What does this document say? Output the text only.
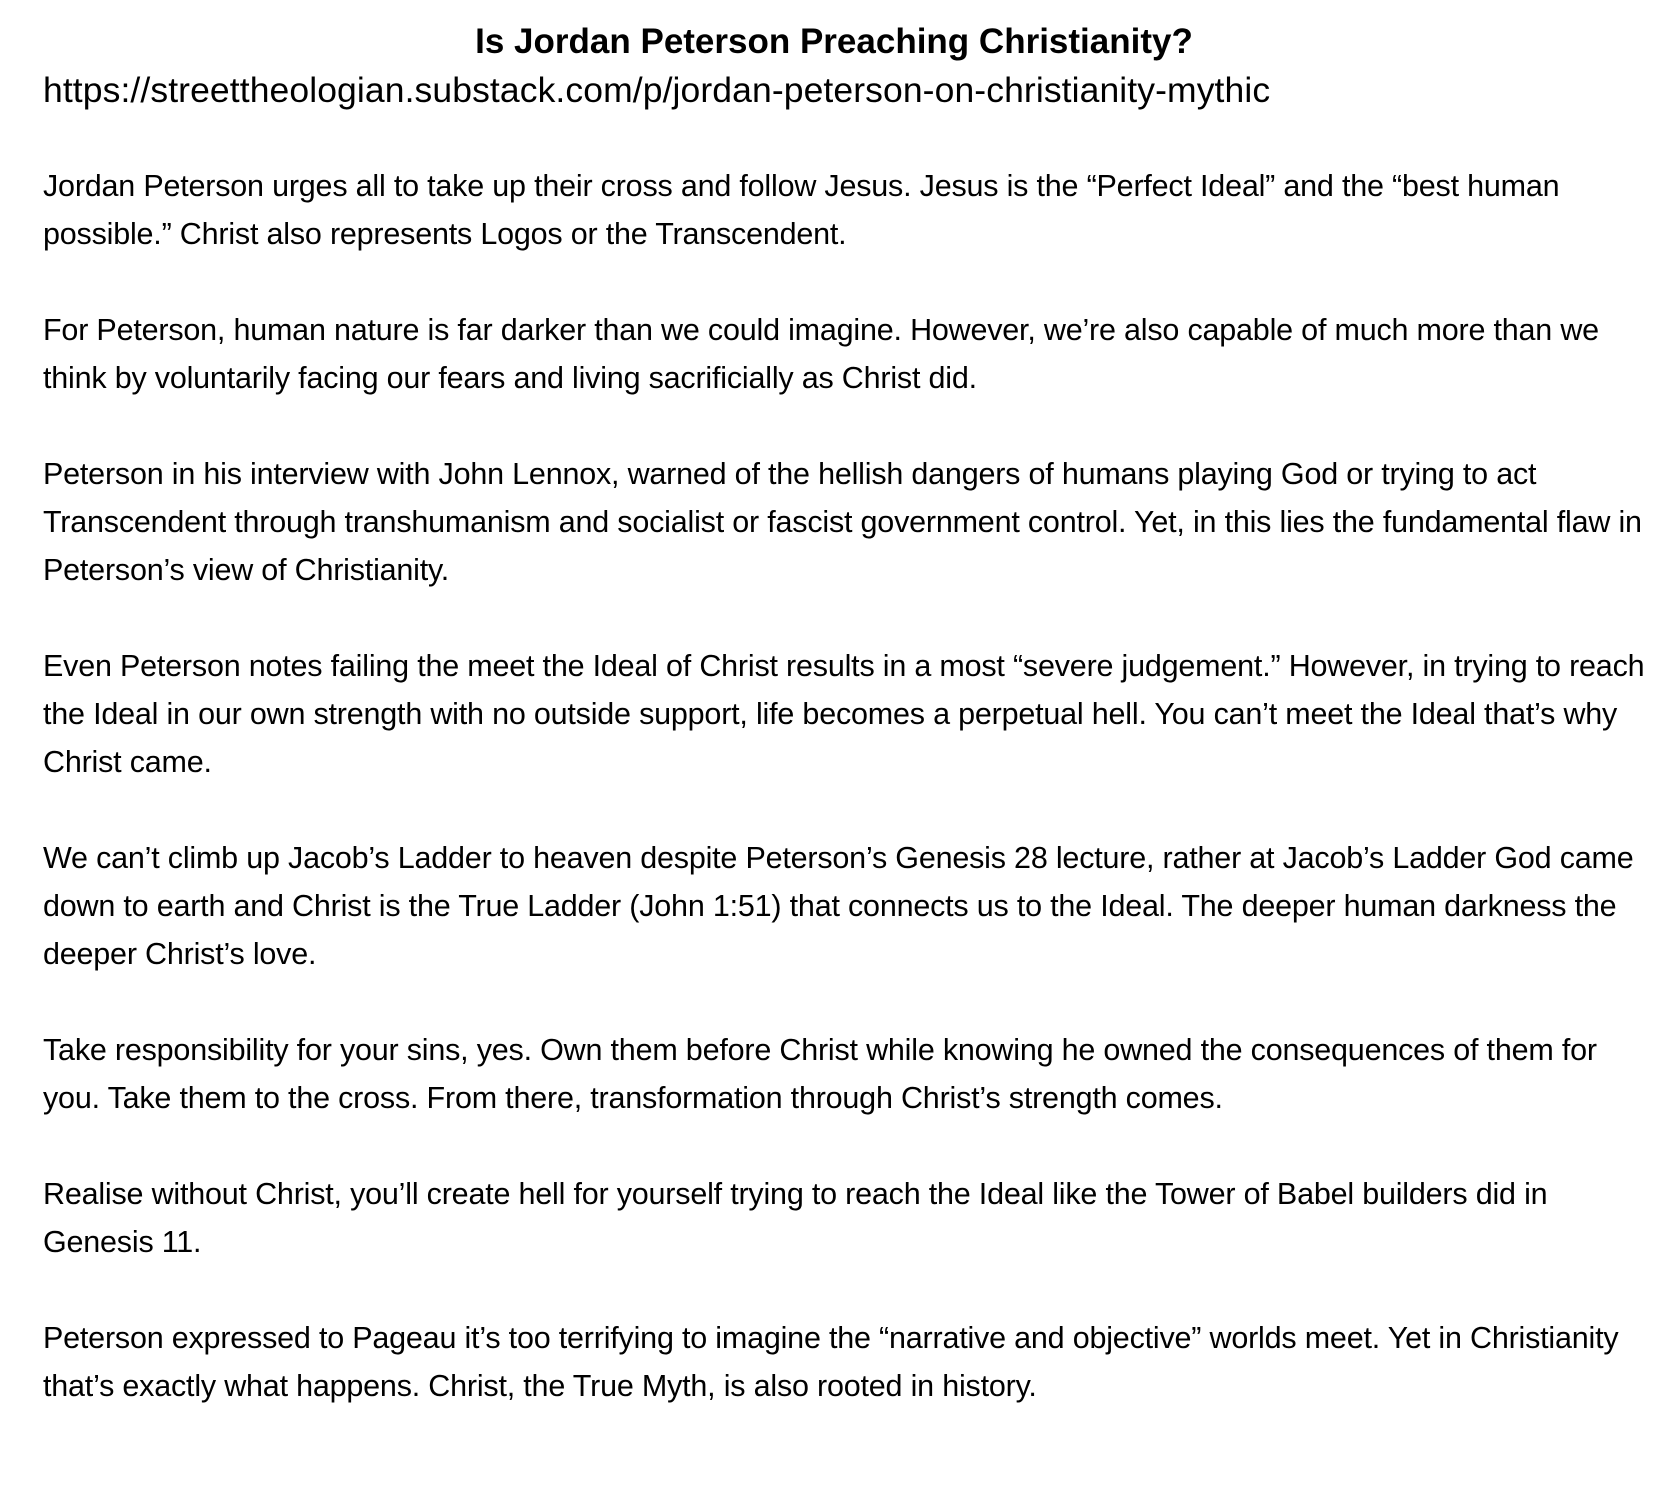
Is Jordan Peterson Preaching Christianity?

https://streettheologian.substack.com/p/jordan-peterson-on-christianity-mythic

Jordan Peterson urges all to take up their cross and follow Jesus. Jesus is the “Perfect Ideal” and the “best human possible.” Christ also represents Logos or the Transcendent.

For Peterson, human nature is far darker than we could imagine. However, we’re also capable of much more than we think by voluntarily facing our fears and living sacrificially as Christ did.

Peterson in his interview with John Lennox, warned of the hellish dangers of humans playing God or trying to act Transcendent through transhumanism and socialist or fascist government control. Yet, in this lies the fundamental flaw in Peterson’s view of Christianity.

Even Peterson notes failing the meet the Ideal of Christ results in a most “severe judgement.” However, in trying to reach the Ideal in our own strength with no outside support, life becomes a perpetual hell. You can’t meet the Ideal that’s why Christ came.

We can’t climb up Jacob’s Ladder to heaven despite Peterson’s Genesis 28 lecture, rather at Jacob’s Ladder God came down to earth and Christ is the True Ladder (John 1:51) that connects us to the Ideal. The deeper human darkness the deeper Christ’s love.

Take responsibility for your sins, yes. Own them before Christ while knowing he owned the consequences of them for you. Take them to the cross. From there, transformation through Christ’s strength comes.

Realise without Christ, you’ll create hell for yourself trying to reach the Ideal like the Tower of Babel builders did in Genesis 11.

Peterson expressed to Pageau it’s too terrifying to imagine the “narrative and objective” worlds meet. Yet in Christianity that’s exactly what happens. Christ, the True Myth, is also rooted in history.
